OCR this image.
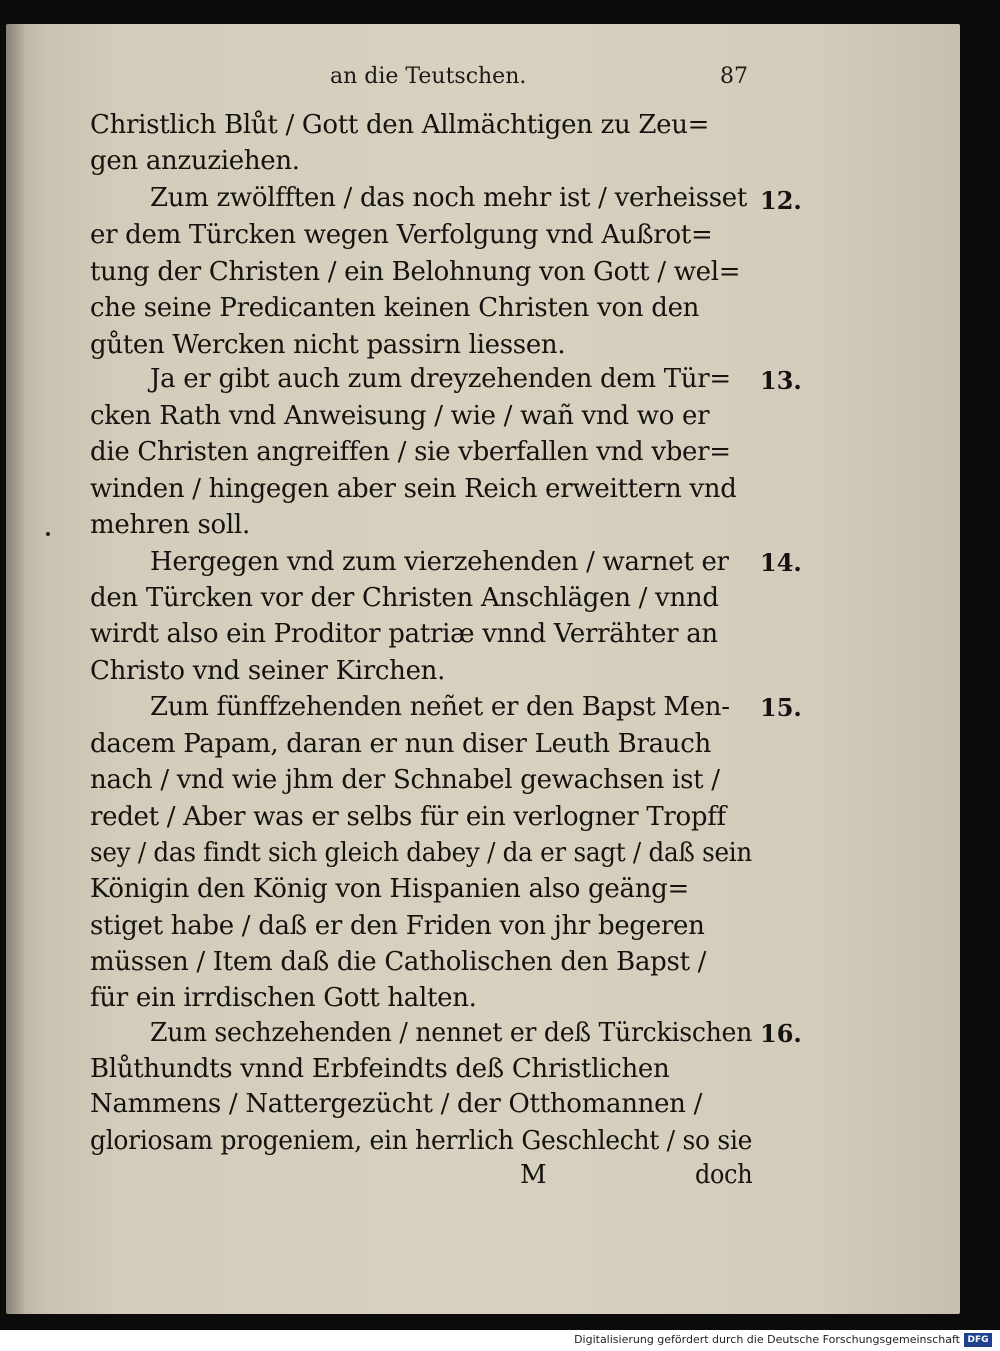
an die Teutschen.	87
Christlich Blůt / Gott den Allmächtigen zu Zeu=
gen anzuziehen.
Zum zwölfften / das noch mehr ist / verheisset
er dem Türcken wegen Verfolgung vnd Außrot=
tung der Christen / ein Belohnung von Gott / wel=
che seine Predicanten keinen Christen von den
gůten Wercken nicht passirn liessen.
Ja er gibt auch zum dreyzehenden dem Tür=
cken Rath vnd Anweisung / wie / wañ vnd wo er
die Christen angreiffen / sie vberfallen vnd vber=
winden / hingegen aber sein Reich erweittern vnd
mehren soll.
Hergegen vnd zum vierzehenden / warnet er
den Türcken vor der Christen Anschlägen / vnnd
wirdt also ein Proditor patriæ vnnd Verrähter an
Christo vnd seiner Kirchen.
Zum fünffzehenden neñet er den Bapst Men-
dacem Papam, daran er nun diser Leuth Brauch
nach / vnd wie jhm der Schnabel gewachsen ist /
redet / Aber was er selbs für ein verlogner Tropff
sey / das findt sich gleich dabey / da er sagt / daß sein
Königin den König von Hispanien also geäng=
stiget habe / daß er den Friden von jhr begeren
müssen / Item daß die Catholischen den Bapst /
für ein irrdischen Gott halten.
Zum sechzehenden / nennet er deß Türckischen
Blůthundts vnnd Erbfeindts deß Christlichen
Nammens / Nattergezücht / der Otthomannen /
gloriosam progeniem, ein herrlich Geschlecht / so sie
M	doch
12.
13.
14.
15.
16.
Digitalisierung gefördert durch die Deutsche Forschungsgemeinschaft DFG
